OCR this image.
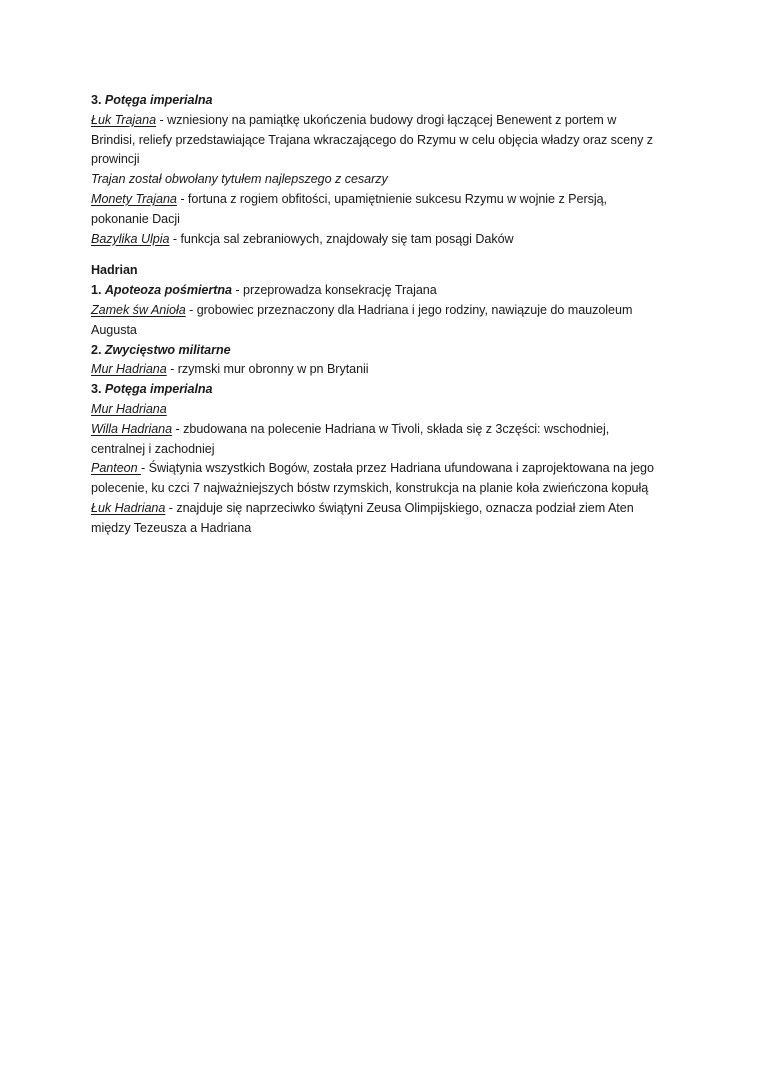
3. Potęga imperialna
Łuk Trajana - wzniesiony na pamiątkę ukończenia budowy drogi łączącej Benewent z portem w
Brindisi, reliefy przedstawiające Trajana wkraczającego do Rzymu w celu objęcia władzy oraz sceny z
prowincji
Trajan został obwołany tytułem najlepszego z cesarzy
Monety Trajana - fortuna z rogiem obfitości, upamiętnienie sukcesu Rzymu w wojnie z Persją,
pokonanie Dacji
Bazylika Ulpia - funkcja sal zebraniowych, znajdowały się tam posągi Daków
Hadrian
1. Apoteoza pośmiertna - przeprowadza konsekrację Trajana
Zamek św Anioła - grobowiec przeznaczony dla Hadriana i jego rodziny, nawiązuje do mauzoleum
Augusta
2. Zwycięstwo militarne
Mur Hadriana - rzymski mur obronny w pn Brytanii
3. Potęga imperialna
Mur Hadriana
Willa Hadriana - zbudowana na polecenie Hadriana w Tivoli, składa się z 3części: wschodniej,
centralnej i zachodniej
Panteon - Świątynia wszystkich Bogów, została przez Hadriana ufundowana i zaprojektowana na jego
polecenie, ku czci 7 najważniejszych bóstw rzymskich, konstrukcja na planie koła zwieńczona kopułą
Łuk Hadriana - znajduje się naprzeciwko świątyni Zeusa Olimpijskiego, oznacza podział ziem Aten
między Tezeusza a Hadriana
